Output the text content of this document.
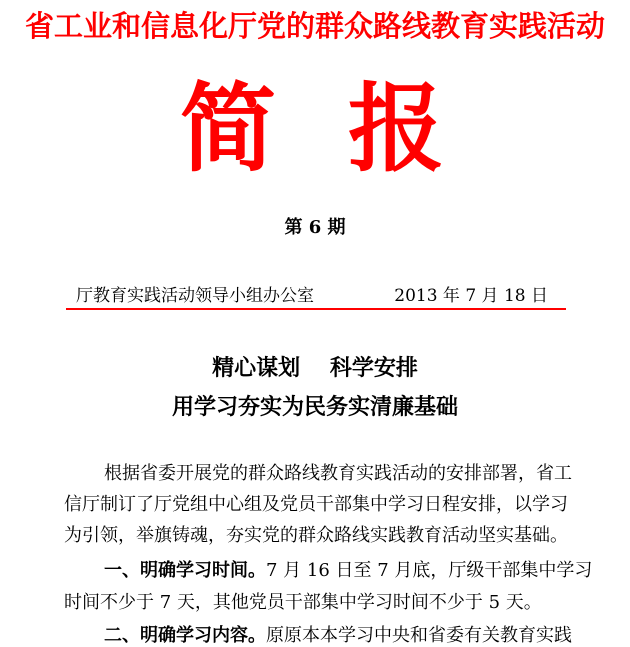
省工业和信息化厅党的群众路线教育实践活动
简 报
第 6 期
厅教育实践活动领导小组办公室	2013 年 7 月 18 日
精心谋划　 科学安排
用学习夯实为民务实清廉基础
根据省委开展党的群众路线教育实践活动的安排部署，省工
信厅制订了厅党组中心组及党员干部集中学习日程安排，以学习
为引领，举旗铸魂，夯实党的群众路线实践教育活动坚实基础。
一、明确学习时间。7 月 16 日至 7 月底，厅级干部集中学习
时间不少于 7 天，其他党员干部集中学习时间不少于 5 天。
二、明确学习内容。原原本本学习中央和省委有关教育实践
